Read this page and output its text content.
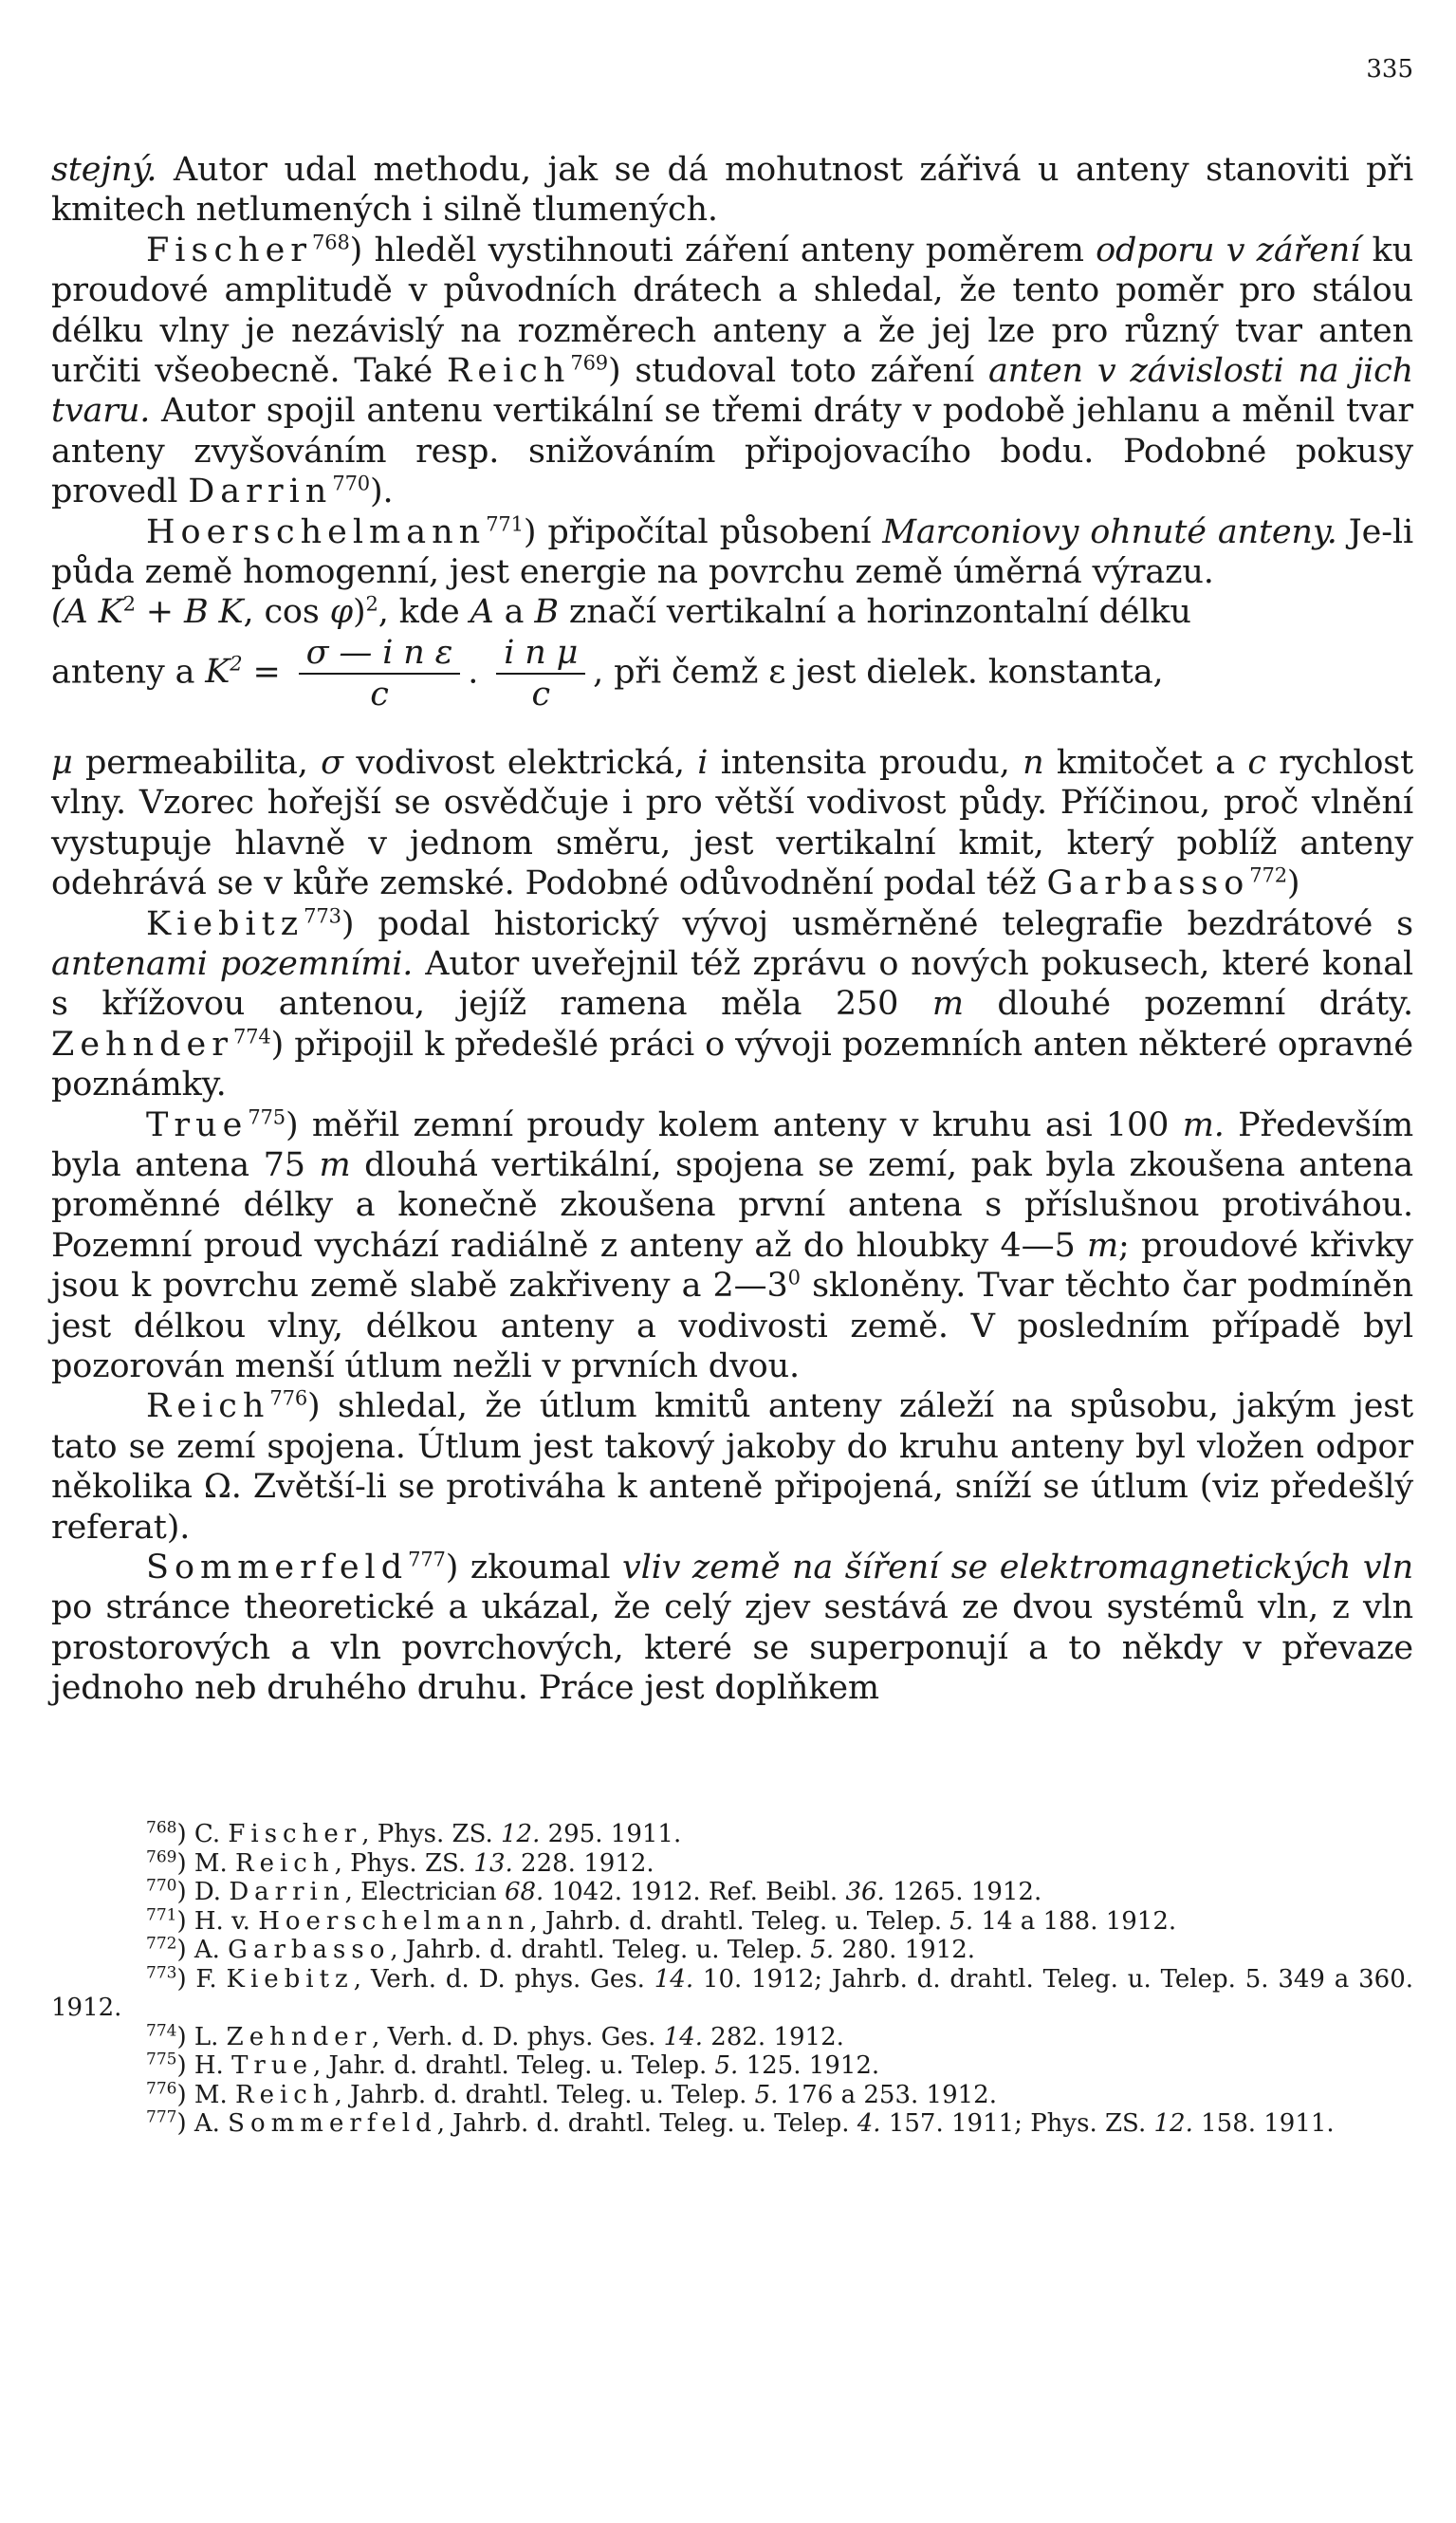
335

stejný. Autor udal methodu, jak se dá mohutnost zářivá u anteny stanoviti při kmitech netlumených i silně tlumených.

Fischer$^{768}$) hleděl vystihnouti záření anteny poměrem odporu v záření ku proudové amplitudě v původních drátech a shledal, že tento poměr pro stálou délku vlny je nezávislý na rozměrech anteny a že jej lze pro různý tvar anten určiti všeobecně. Také Reich$^{769}$) studoval toto záření anten v závislosti na jich tvaru. Autor spojil antenu vertikální se třemi dráty v podobě jehlanu a měnil tvar anteny zvyšováním resp. snižováním připojovacího bodu. Podobné pokusy provedl Darrin$^{770}$).

Hoerschelmann$^{771}$) připočítal působení Marconiovy ohnuté anteny. Je-li půda země homogenní, jest energie na povrchu země úměrná výrazu.

(A $K_2 + B$ K, cos φ)$^2$, kde A a B značí vertikalní a horinzontalní délku

anteny a $K^2 = \frac{\text{σ — i n ε}}{c}$ . $\frac{\text{i n μ}}{c}$ , při čemž ε jest dielek. konstanta,

μ permeabilita, σ vodivost elektrická, i intensita proudu, n kmitočet a c rychlost vlny. Vzorec hořejší se osvědčuje i pro větší vodivost půdy. Příčinou, proč vlnění vystupuje hlavně v jednom směru, jest vertikalní kmit, který poblíž anteny odehrává se v kůře zemské. Podobné odůvodnění podal též Garbasso$^{772}$)

Kiebitz$^{773}$) podal historický vývoj usměrněné telegrafie bezdrátové s antenami pozemními. Autor uveřejnil též zprávu o nových pokusech, které konal s křížovou antenou, jejíž ramena měla 250 m dlouhé pozemní dráty. Zehnder$^{774}$) připojil k předešlé práci o vývoji pozemních anten některé opravné poznámky.

True$^{775}$) měřil zemní proudy kolem anteny v kruhu asi 100 m. Především byla antena 75 m dlouhá vertikální, spojena se zemí, pak byla zkoušena antena proměnné délky a konečně zkoušena první antena s příslušnou protiváhou. Pozemní proud vychází radiálně z anteny až do hloubky 4—5 m; proudové křivky jsou k povrchu země slabě zakřiveny a $2—3^0$ skloněny. Tvar těchto čar podmíněn jest délkou vlny, délkou anteny a vodivosti země. V posledním případě byl pozorován menší útlum nežli v prvních dvou.

Reich$^{776}$) shledal, že útlum kmitů anteny záleží na spůsobu, jakým jest tato se zemí spojena. Útlum jest takový jakoby do kruhu anteny byl vložen odpor několika Ω. Zvětší-li se protiváha k anteně připojená, sníží se útlum (viz předešlý referat).

Sommerfeld$^{777}$) zkoumal vliv země na šíření se elektromagnetických vln po stránce theoretické a ukázal, že celý zjev sestává ze dvou systémů vln, z vln prostorových a vln povrchových, které se superponují a to někdy v převaze jednoho neb druhého druhu. Práce jest doplňkem

$^{768}$) C. Fischer, Phys. ZS. 12. 295. 1911.

$^{769}$) M. Reich, Phys. ZS. 13. 228. 1912.

$^{770}$) D. Darrin, Electrician 68. 1042. 1912. Ref. Beibl. 36. 1265. 1912.

$^{771}$) H. v. Hoerschelmann, Jahrb. d. drahtl. Teleg. u. Telep. 5. 14 a 188. 1912.

$^{772}$) A. Garbasso, Jahrb. d. drahtl. Teleg. u. Telep. 5. 280. 1912.

$^{773}$) F. Kiebitz, Verh. d. D. phys. Ges. 14. 10. 1912; Jahrb. d. drahtl. Teleg. u. Telep. 5. 349 a 360. 1912.

$^{774}$) L. Zehnder, Verh. d. D. phys. Ges. 14. 282. 1912.

$^{775}$) H. True, Jahr. d. drahtl. Teleg. u. Telep. 5. 125. 1912.

$^{776}$) M. Reich, Jahrb. d. drahtl. Teleg. u. Telep. 5. 176 a 253. 1912.

$^{777}$) A. Sommerfeld, Jahrb. d. drahtl. Teleg. u. Telep. 4. 157. 1911; Phys. ZS. 12. 158. 1911.
